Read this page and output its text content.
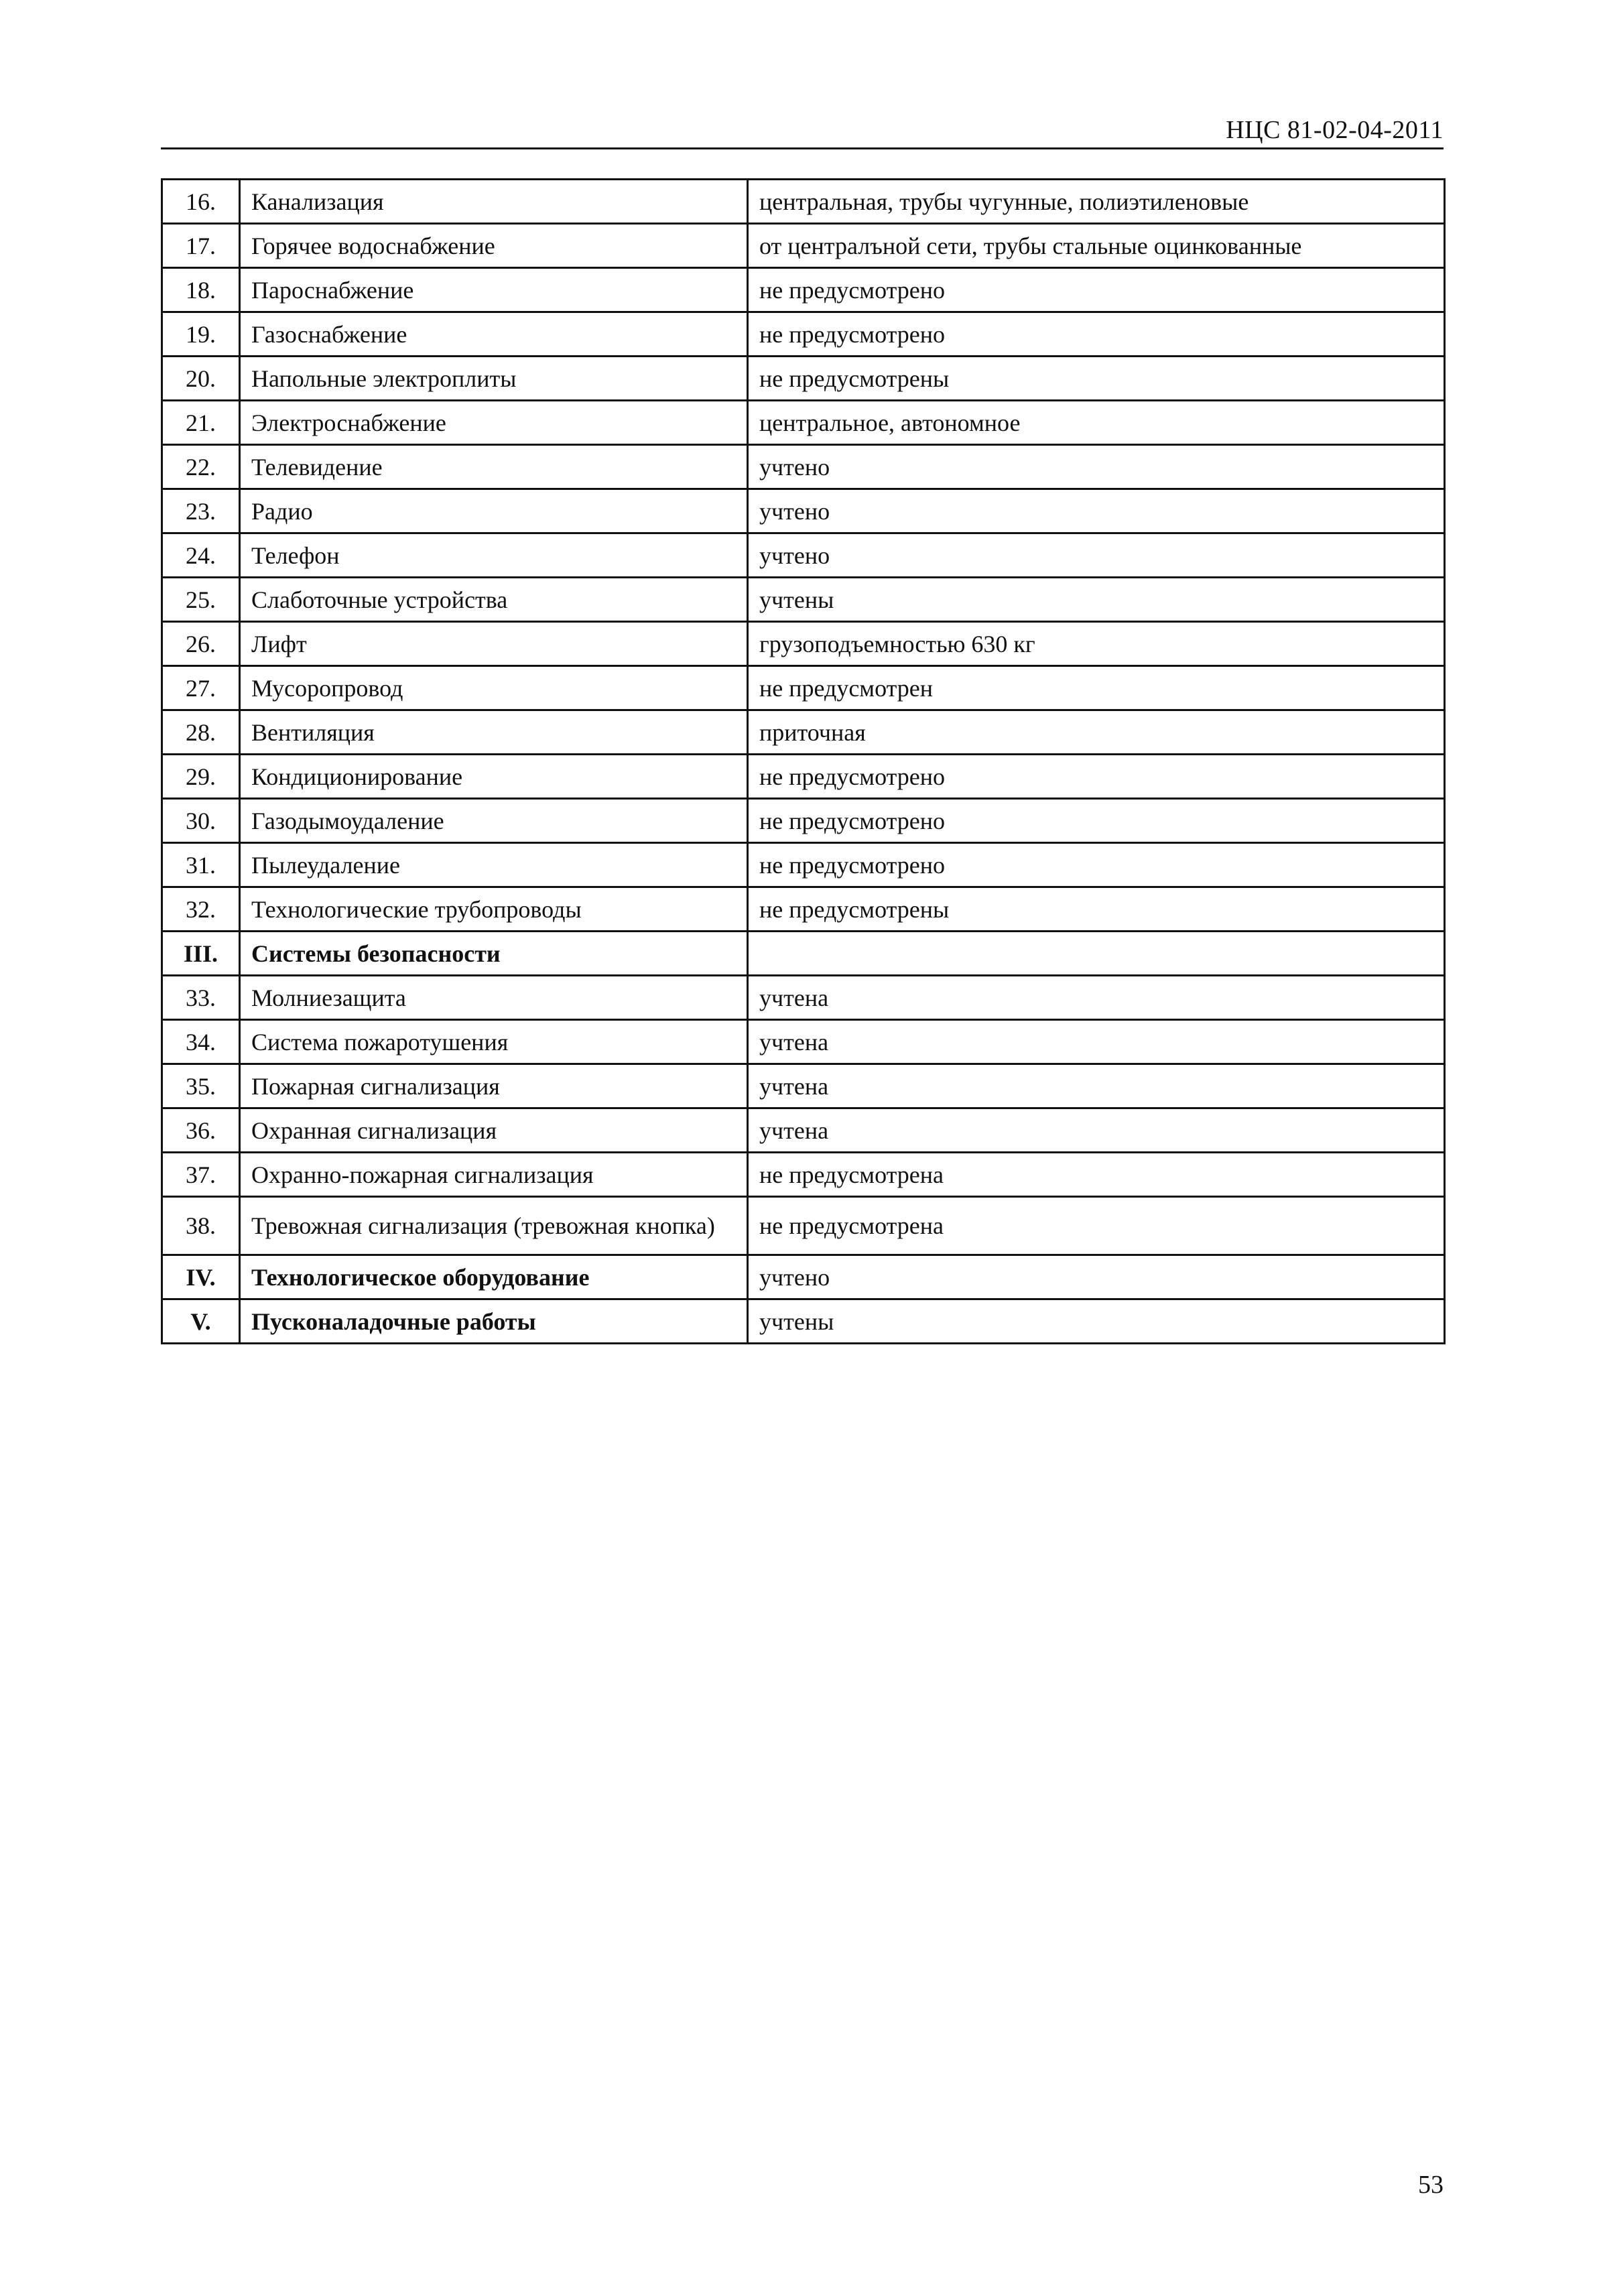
НЦС 81-02-04-2011
16.	Канализация	центральная, трубы чугунные, полиэтиленовые
17.	Горячее водоснабжение	от централъной сети, трубы стальные оцинкованные
18.	Пароснабжение	не предусмотрено
19.	Газоснабжение	не предусмотрено
20.	Напольные электроплиты	не предусмотрены
21.	Электроснабжение	центральное, автономное
22.	Телевидение	учтено
23.	Радио	учтено
24.	Телефон	учтено
25.	Слаботочные устройства	учтены
26.	Лифт	грузоподъемностью 630 кг
27.	Мусоропровод	не предусмотрен
28.	Вентиляция	приточная
29.	Кондиционирование	не предусмотрено
30.	Газодымоудаление	не предусмотрено
31.	Пылеудаление	не предусмотрено
32.	Технологические трубопроводы	не предусмотрены
III.	Системы безопасности	
33.	Молниезащита	учтена
34.	Система пожаротушения	учтена
35.	Пожарная сигнализация	учтена
36.	Охранная сигнализация	учтена
37.	Охранно-пожарная сигнализация	не предусмотрена
38.	Тревожная сигнализация (тревожная кнопка)	не предусмотрена
IV.	Технологическое оборудование	учтено
V.	Пусконаладочные работы	учтены
53
